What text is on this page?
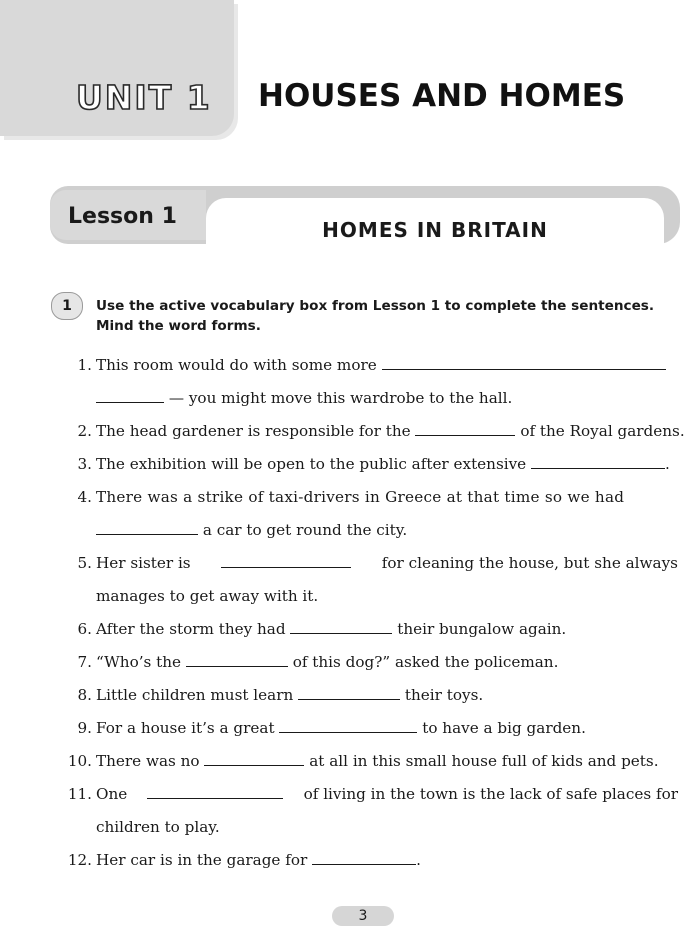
UNIT 1 HOUSES AND HOMES
Lesson 1
HOMES IN BRITAIN
1	Use the active vocabulary box from Lesson 1 to complete the sentences. Mind the word forms.
1. This room would do with some more
— you might move this wardrobe to the hall.
2. The head gardener is responsible for the	of the Royal gardens.
3. The exhibition will be open to the public after extensive	.
4. There was a strike of taxi-drivers in Greece at that time so we had
a car to get round the city.
5. Her sister is	for cleaning the house, but she always
manages to get away with it.
6. After the storm they had	their bungalow again.
7. “Who’s the	of this dog?” asked the policeman.
8. Little children must learn	their toys.
9. For a house it’s a great	to have a big garden.
10. There was no	at all in this small house full of kids and pets.
11. One	of living in the town is the lack of safe places for
children to play.
12. Her car is in the garage for	.
3
